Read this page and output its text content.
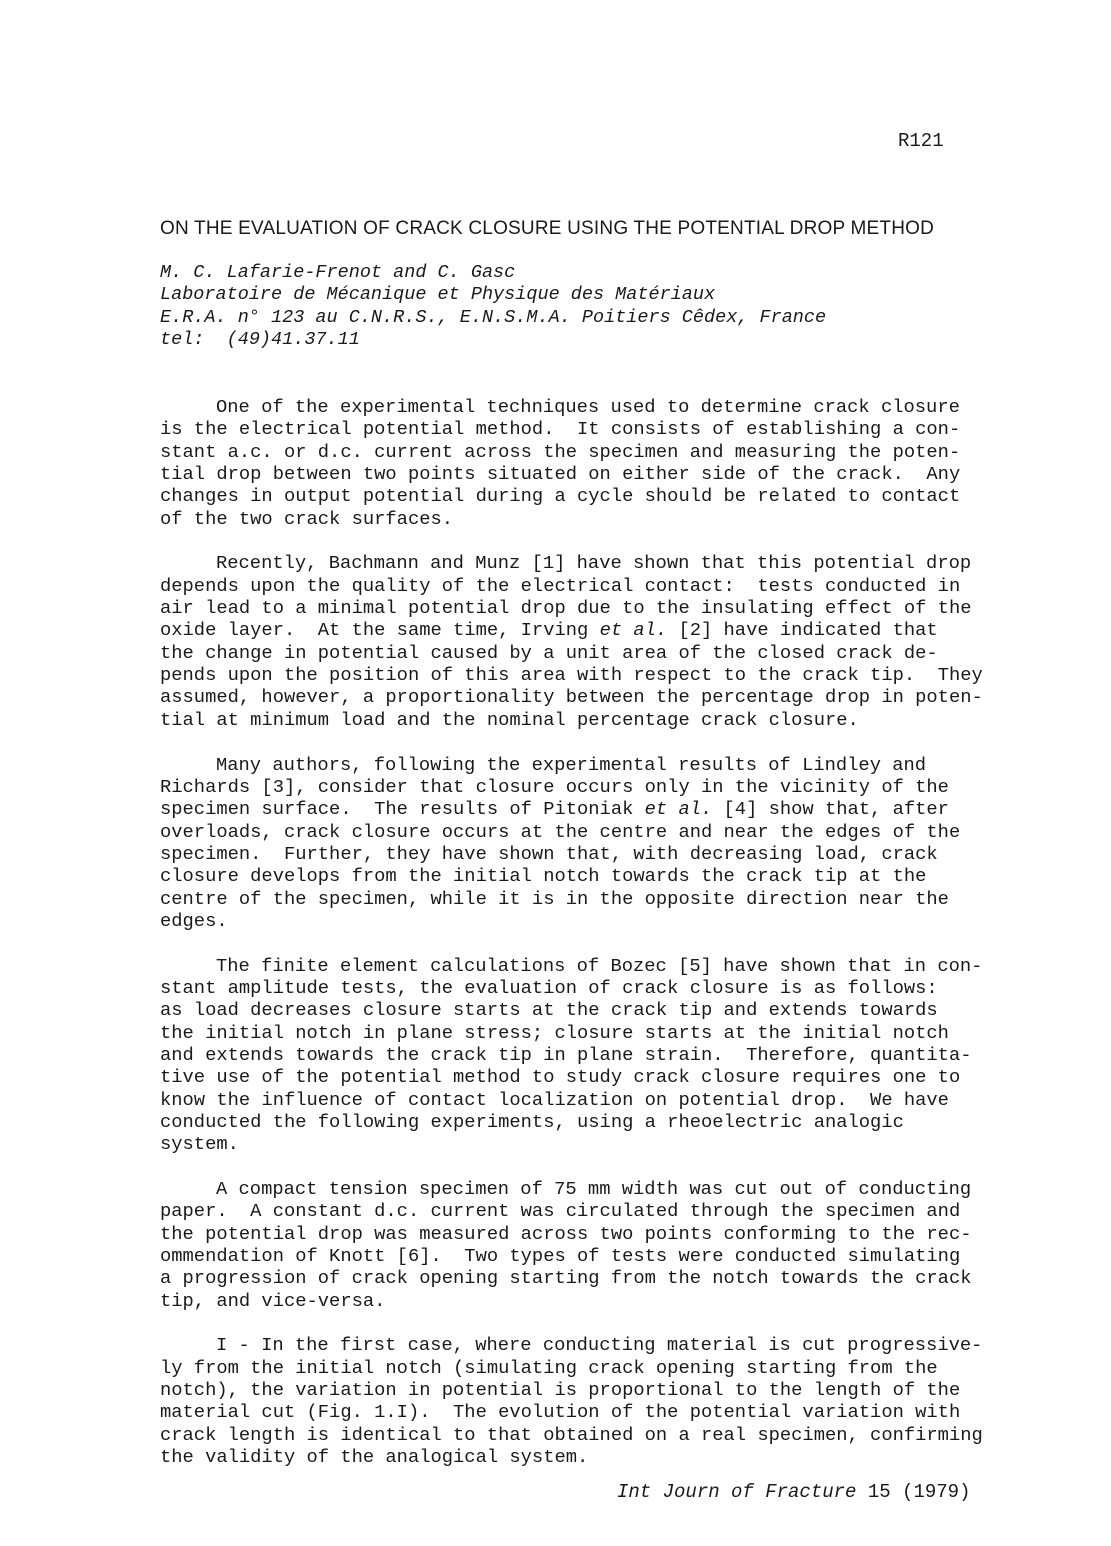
R121
ON THE EVALUATION OF CRACK CLOSURE USING THE POTENTIAL DROP METHOD
M. C. Lafarie-Frenot and C. Gasc
Laboratoire de Mécanique et Physique des Matériaux
E.R.A. n° 123 au C.N.R.S., E.N.S.M.A. Poitiers Cêdex, France
tel:  (49)41.37.11
One of the experimental techniques used to determine crack closure
is the electrical potential method.  It consists of establishing a con-
stant a.c. or d.c. current across the specimen and measuring the poten-
tial drop between two points situated on either side of the crack.  Any
changes in output potential during a cycle should be related to contact
of the two crack surfaces.
Recently, Bachmann and Munz [1] have shown that this potential drop
depends upon the quality of the electrical contact:  tests conducted in
air lead to a minimal potential drop due to the insulating effect of the
oxide layer.  At the same time, Irving et al. [2] have indicated that
the change in potential caused by a unit area of the closed crack de-
pends upon the position of this area with respect to the crack tip.  They
assumed, however, a proportionality between the percentage drop in poten-
tial at minimum load and the nominal percentage crack closure.
Many authors, following the experimental results of Lindley and
Richards [3], consider that closure occurs only in the vicinity of the
specimen surface.  The results of Pitoniak et al. [4] show that, after
overloads, crack closure occurs at the centre and near the edges of the
specimen.  Further, they have shown that, with decreasing load, crack
closure develops from the initial notch towards the crack tip at the
centre of the specimen, while it is in the opposite direction near the
edges.
The finite element calculations of Bozec [5] have shown that in con-
stant amplitude tests, the evaluation of crack closure is as follows:
as load decreases closure starts at the crack tip and extends towards
the initial notch in plane stress; closure starts at the initial notch
and extends towards the crack tip in plane strain.  Therefore, quantita-
tive use of the potential method to study crack closure requires one to
know the influence of contact localization on potential drop.  We have
conducted the following experiments, using a rheoelectric analogic
system.
A compact tension specimen of 75 mm width was cut out of conducting
paper.  A constant d.c. current was circulated through the specimen and
the potential drop was measured across two points conforming to the rec-
ommendation of Knott [6].  Two types of tests were conducted simulating
a progression of crack opening starting from the notch towards the crack
tip, and vice-versa.
I - In the first case, where conducting material is cut progressive-
ly from the initial notch (simulating crack opening starting from the
notch), the variation in potential is proportional to the length of the
material cut (Fig. 1.I).  The evolution of the potential variation with
crack length is identical to that obtained on a real specimen, confirming
the validity of the analogical system.
Int Journ of Fracture 15 (1979)
